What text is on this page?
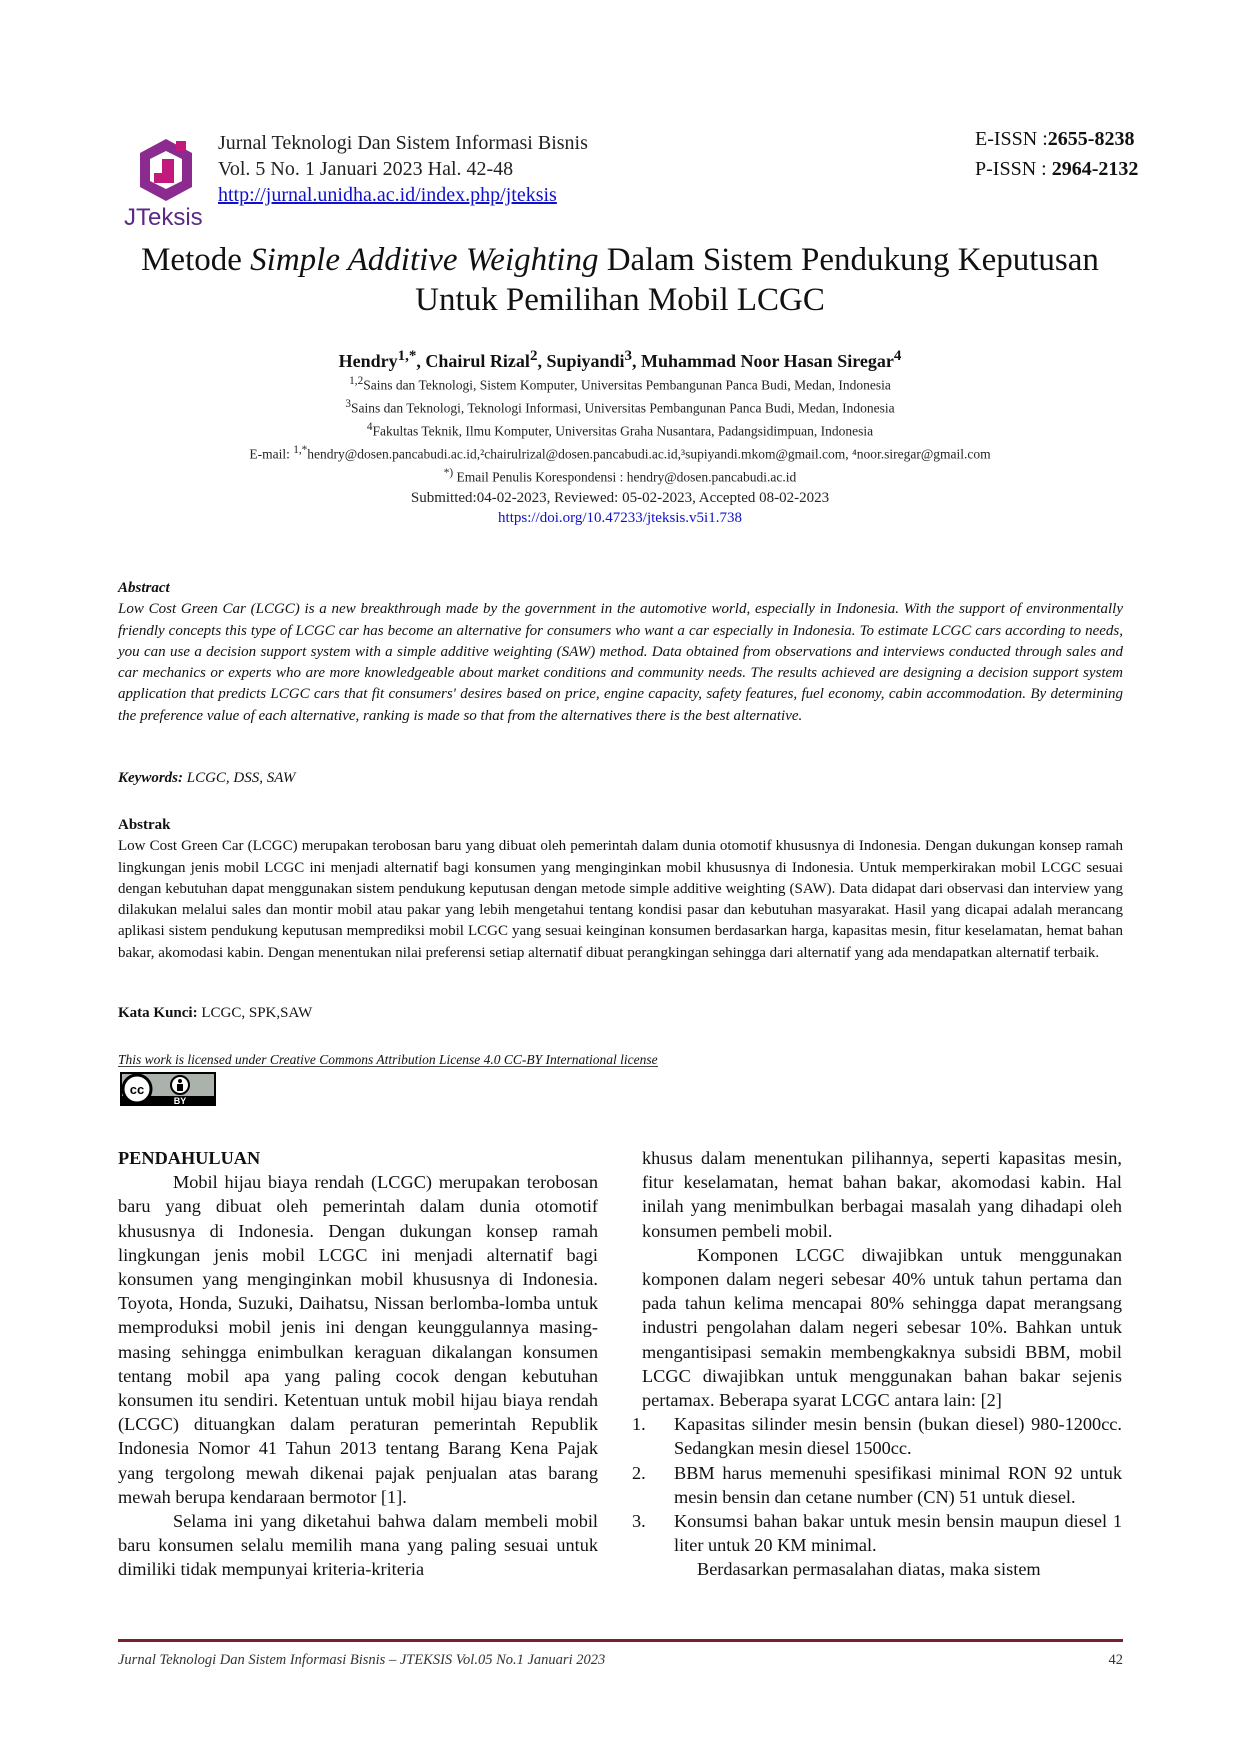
JTeksis
Jurnal Teknologi Dan Sistem Informasi Bisnis
Vol. 5 No. 1 Januari 2023 Hal. 42-48
http://jurnal.unidha.ac.id/index.php/jteksis
E-ISSN :2655-8238
P-ISSN : 2964-2132
Metode Simple Additive Weighting Dalam Sistem Pendukung Keputusan
Untuk Pemilihan Mobil LCGC
Hendry$^{1,*}$, Chairul Rizal$^2$, Supiyandi$^3$, Muhammad Noor Hasan Siregar$^4$
$^{1,2}$Sains dan Teknologi, Sistem Komputer, Universitas Pembangunan Panca Budi, Medan, Indonesia
$^3$Sains dan Teknologi, Teknologi Informasi, Universitas Pembangunan Panca Budi, Medan, Indonesia
$^4$Fakultas Teknik, Ilmu Komputer, Universitas Graha Nusantara, Padangsidimpuan, Indonesia
E-mail: $^{1,*}$hendry@dosen.pancabudi.ac.id,²chairulrizal@dosen.pancabudi.ac.id,³supiyandi.mkom@gmail.com, ⁴noor.siregar@gmail.com
*) Email Penulis Korespondensi : hendry@dosen.pancabudi.ac.id
Submitted:04-02-2023, Reviewed: 05-02-2023, Accepted 08-02-2023
https://doi.org/10.47233/jteksis.v5i1.738
Abstract
Low Cost Green Car (LCGC) is a new breakthrough made by the government in the automotive world, especially in Indonesia. With the support of environmentally friendly concepts this type of LCGC car has become an alternative for consumers who want a car especially in Indonesia. To estimate LCGC cars according to needs, you can use a decision support system with a simple additive weighting (SAW) method. Data obtained from observations and interviews conducted through sales and car mechanics or experts who are more knowledgeable about market conditions and community needs. The results achieved are designing a decision support system application that predicts LCGC cars that fit consumers' desires based on price, engine capacity, safety features, fuel economy, cabin accommodation. By determining the preference value of each alternative, ranking is made so that from the alternatives there is the best alternative.
Keywords: LCGC, DSS, SAW
Abstrak
Low Cost Green Car (LCGC) merupakan terobosan baru yang dibuat oleh pemerintah dalam dunia otomotif khususnya di Indonesia. Dengan dukungan konsep ramah lingkungan jenis mobil LCGC ini menjadi alternatif bagi konsumen yang menginginkan mobil khususnya di Indonesia. Untuk memperkirakan mobil LCGC sesuai dengan kebutuhan dapat menggunakan sistem pendukung keputusan dengan metode simple additive weighting (SAW). Data didapat dari observasi dan interview yang dilakukan melalui sales dan montir mobil atau pakar yang lebih mengetahui tentang kondisi pasar dan kebutuhan masyarakat. Hasil yang dicapai adalah merancang aplikasi sistem pendukung keputusan memprediksi mobil LCGC yang sesuai keinginan konsumen berdasarkan harga, kapasitas mesin, fitur keselamatan, hemat bahan bakar, akomodasi kabin. Dengan menentukan nilai preferensi setiap alternatif dibuat perangkingan sehingga dari alternatif yang ada mendapatkan alternatif terbaik.
Kata Kunci: LCGC, SPK,SAW
This work is licensed under Creative Commons Attribution License 4.0 CC-BY International license
cc
BY

PENDAHULUAN

Mobil hijau biaya rendah (LCGC) merupakan terobosan baru yang dibuat oleh pemerintah dalam dunia otomotif khususnya di Indonesia. Dengan dukungan konsep ramah lingkungan jenis mobil LCGC ini menjadi alternatif bagi konsumen yang menginginkan mobil khususnya di Indonesia. Toyota, Honda, Suzuki, Daihatsu, Nissan berlomba-lomba untuk memproduksi mobil jenis ini dengan keunggulannya masing-masing sehingga enimbulkan keraguan dikalangan konsumen tentang mobil apa yang paling cocok dengan kebutuhan konsumen itu sendiri. Ketentuan untuk mobil hijau biaya rendah (LCGC) dituangkan dalam peraturan pemerintah Republik Indonesia Nomor 41 Tahun 2013 tentang Barang Kena Pajak yang tergolong mewah dikenai pajak penjualan atas barang mewah berupa kendaraan bermotor [1].

Selama ini yang diketahui bahwa dalam membeli mobil baru konsumen selalu memilih mana yang paling sesuai untuk dimiliki tidak mempunyai kriteria-kriteria

khusus dalam menentukan pilihannya, seperti kapasitas mesin, fitur keselamatan, hemat bahan bakar, akomodasi kabin. Hal inilah yang menimbulkan berbagai masalah yang dihadapi oleh konsumen pembeli mobil.

Komponen LCGC diwajibkan untuk menggunakan komponen dalam negeri sebesar 40% untuk tahun pertama dan pada tahun kelima mencapai 80% sehingga dapat merangsang industri pengolahan dalam negeri sebesar 10%. Bahkan untuk mengantisipasi semakin membengkaknya subsidi BBM, mobil LCGC diwajibkan untuk menggunakan bahan bakar sejenis pertamax. Beberapa syarat LCGC antara lain: [2]

1. Kapasitas silinder mesin bensin (bukan diesel) 980-1200cc. Sedangkan mesin diesel 1500cc.
2. BBM harus memenuhi spesifikasi minimal RON 92 untuk mesin bensin dan cetane number (CN) 51 untuk diesel.
3. Konsumsi bahan bakar untuk mesin bensin maupun diesel 1 liter untuk 20 KM minimal.

Berdasarkan permasalahan diatas, maka sistem

Jurnal Teknologi Dan Sistem Informasi Bisnis – JTEKSIS Vol.05 No.1 Januari 2023	42
